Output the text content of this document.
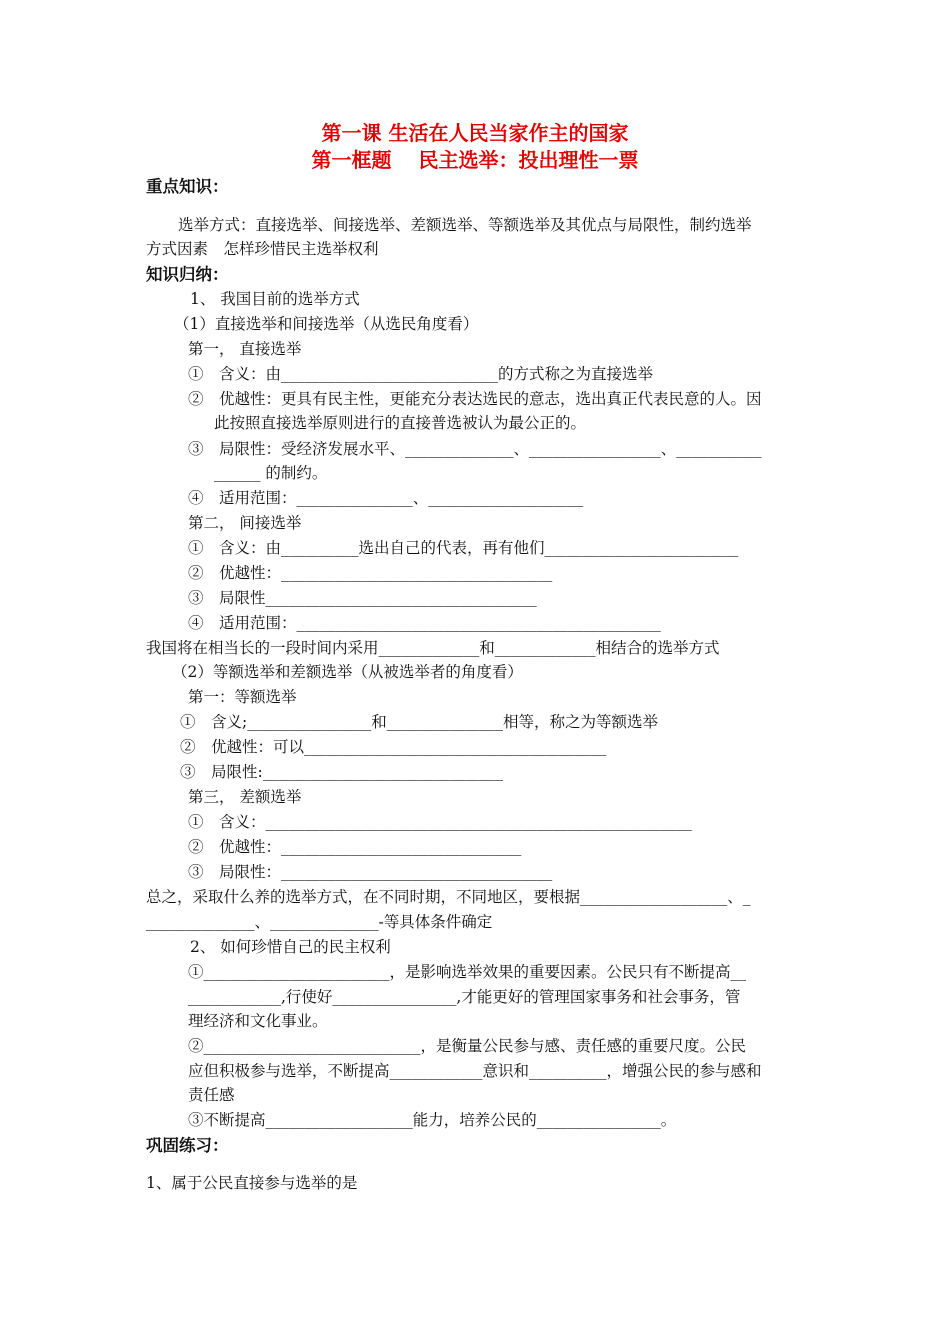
第一课 生活在人民当家作主的国家
第一框题　 民主选举：投出理性一票
重点知识：
选举方式：直接选举、间接选举、差额选举、等额选举及其优点与局限性，制约选举
方式因素　怎样珍惜民主选举权利
知识归纳：
1、 我国目前的选举方式
（1）直接选举和间接选举（从选民角度看）
第一， 直接选举
①　含义：由____________________________的方式称之为直接选举
②　优越性：更具有民主性，更能充分表达选民的意志，选出真正代表民意的人。因
此按照直接选举原则进行的直接普选被认为最公正的。
③　局限性：受经济发展水平、______________、_________________、___________
______ 的制约。
④　适用范围：_______________、____________________
第二， 间接选举
①　含义：由__________选出自己的代表，再有他们_________________________
②　优越性：___________________________________
③　局限性___________________________________
④　适用范围：_______________________________________________
我国将在相当长的一段时间内采用_____________和_____________相结合的选举方式
（2）等额选举和差额选举（从被选举者的角度看）
第一：等额选举
①　含义;________________和_______________相等，称之为等额选举
②　优越性：可以_______________________________________
③　局限性:_______________________________
第三， 差额选举
①　含义：_______________________________________________________
②　优越性：_______________________________
③　局限性：___________________________________
总之，采取什么养的选举方式，在不同时期，不同地区，要根据___________________、_
______________、______________-等具体条件确定
2、 如何珍惜自己的民主权利
①________________________，是影响选举效果的重要因素。公民只有不断提高__
____________,行使好________________,才能更好的管理国家事务和社会事务，管
理经济和文化事业。
②____________________________，是衡量公民参与感、责任感的重要尺度。公民
应但积极参与选举，不断提高____________意识和__________，增强公民的参与感和
责任感
③不断提高___________________能力，培养公民的________________。
巩固练习：
1、属于公民直接参与选举的是
